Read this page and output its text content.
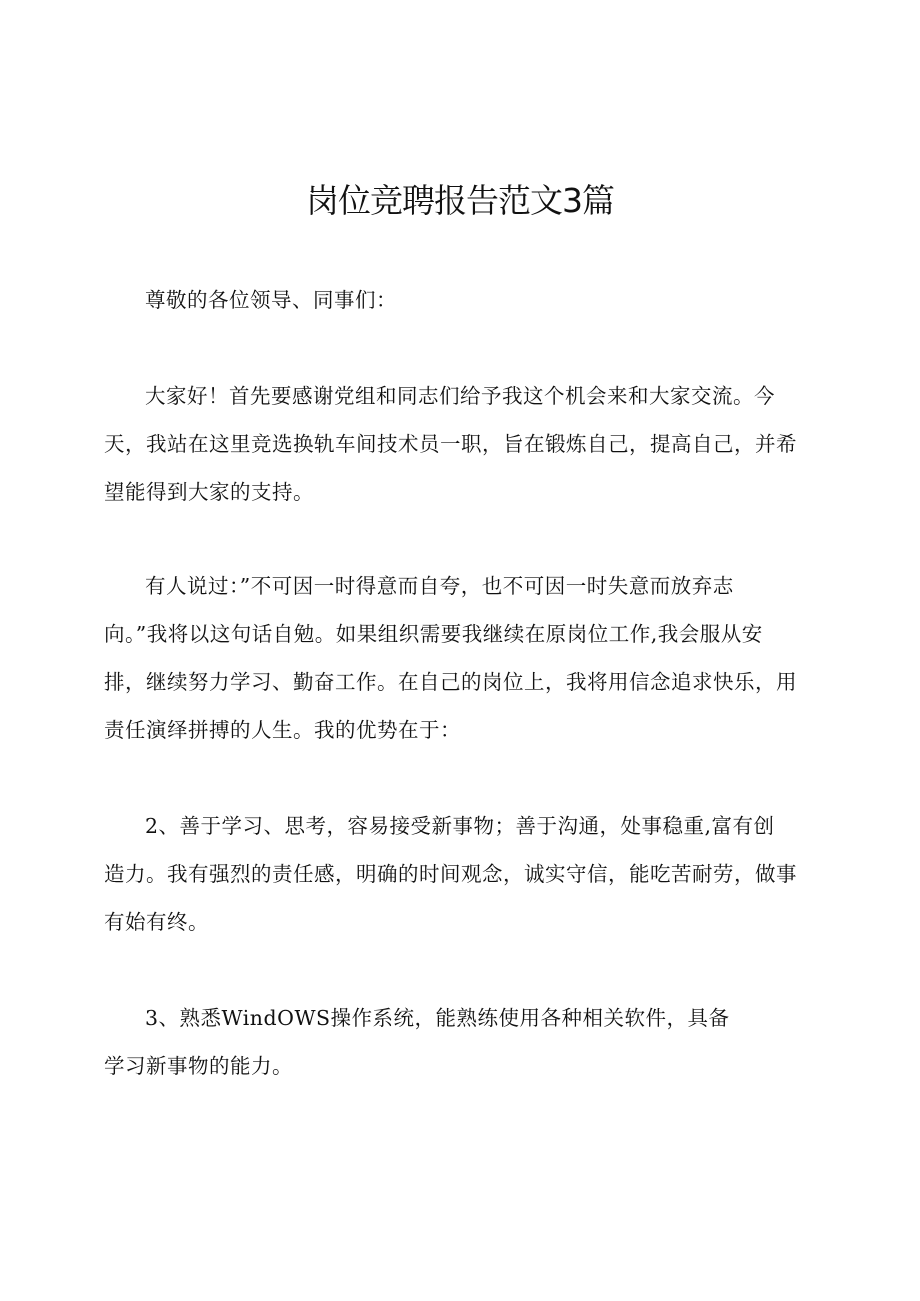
岗位竞聘报告范文3篇

尊敬的各位领导、同事们：

大家好！首先要感谢党组和同志们给予我这个机会来和大家交流。今
天，我站在这里竞选换轨车间技术员一职，旨在锻炼自己，提高自己，并希
望能得到大家的支持。

有人说过：”不可因一时得意而自夸，也不可因一时失意而放弃志
向。”我将以这句话自勉。如果组织需要我继续在原岗位工作,我会服从安
排，继续努力学习、勤奋工作。在自己的岗位上，我将用信念追求快乐，用
责任演绎拼搏的人生。我的优势在于：

2、善于学习、思考，容易接受新事物；善于沟通，处事稳重,富有创
造力。我有强烈的责任感，明确的时间观念，诚实守信，能吃苦耐劳，做事
有始有终。

3、熟悉WindOWS操作系统，能熟练使用各种相关软件，具备
学习新事物的能力。
